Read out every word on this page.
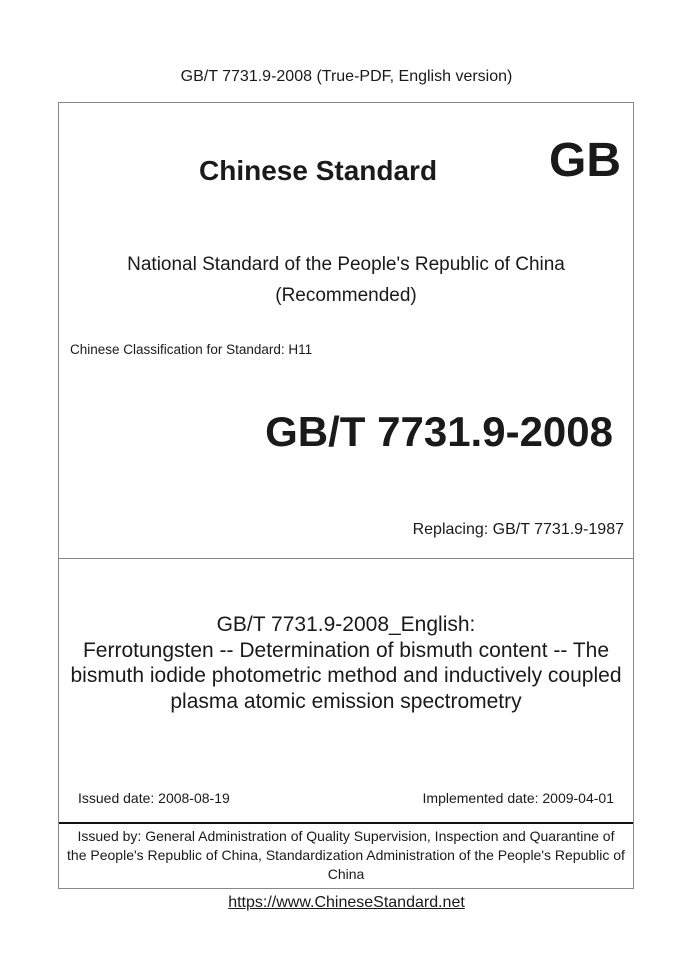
GB/T 7731.9-2008 (True-PDF, English version)
Chinese Standard GB
National Standard of the People's Republic of China
(Recommended)
Chinese Classification for Standard: H11
GB/T 7731.9-2008
Replacing: GB/T 7731.9-1987
GB/T 7731.9-2008_English:
Ferrotungsten -- Determination of bismuth content -- The
bismuth iodide photometric method and inductively coupled
plasma atomic emission spectrometry
Issued date: 2008-08-19	Implemented date: 2009-04-01
Issued by: General Administration of Quality Supervision, Inspection and Quarantine of
the People's Republic of China, Standardization Administration of the People's Republic of
China
https://www.ChineseStandard.net
